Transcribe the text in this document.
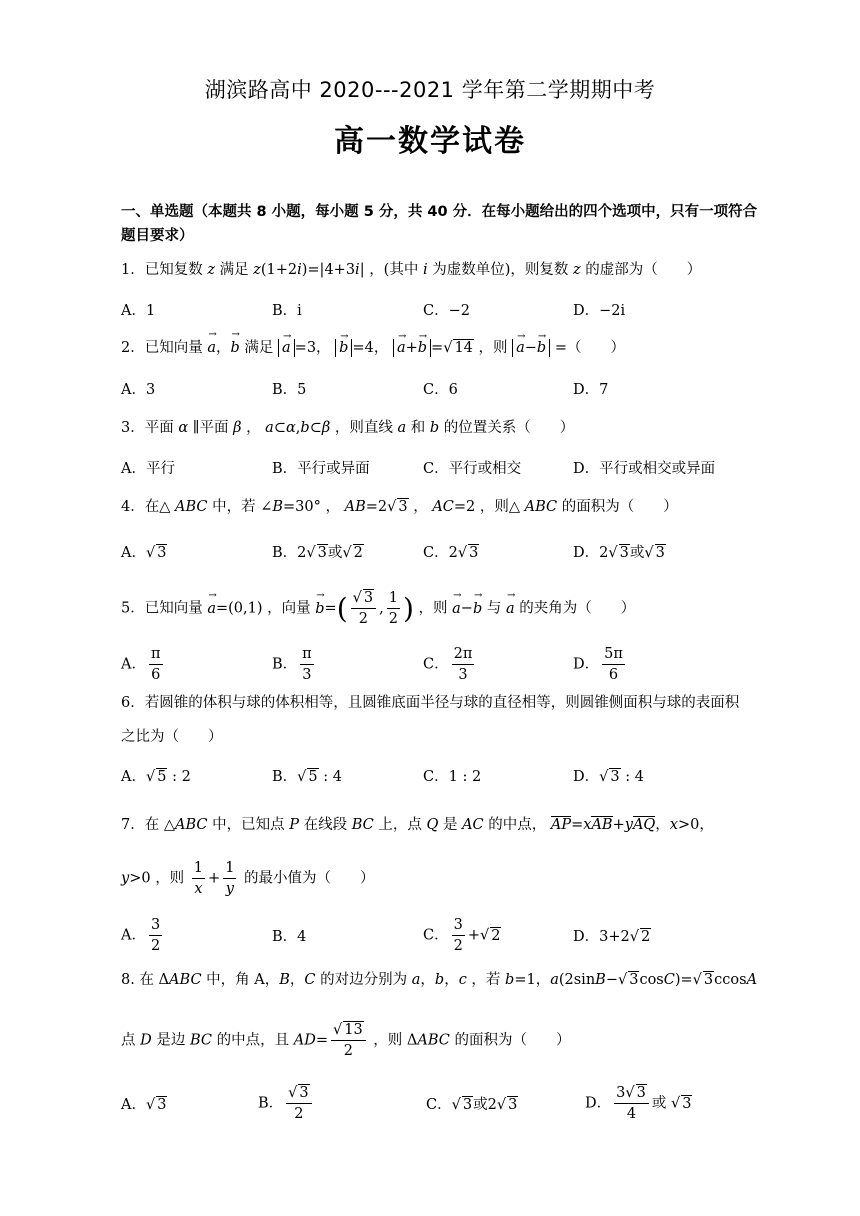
湖滨路高中 2020---2021 学年第二学期期中考
高一数学试卷
一、单选题（本题共 8 小题，每小题 5 分，共 40 分．在每小题给出的四个选项中，只有一项符合题目要求）
1．已知复数 z 满足 z(1+2i)=|4+3i| ，(其中 i 为虚数单位)，则复数 z 的虚部为（　　）
A．1	B．i	C．−2	D．−2i
2．已知向量 → a，→ b 满足 → a =3， → b =4， → a+→ b =√ 14 ，则 → a−→ b =（　　）
A．3	B．5	C．6	D．7
3．平面 α ∥平面 β ， a⊂α,b⊂β ，则直线 a 和 b 的位置关系（　　）
A．平行	B．平行或异面	C．平行或相交	D．平行或相交或异面
4．在△ ABC 中，若 ∠B=30° ， AB=2√ 3 ， AC=2 ，则△ ABC 的面积为（　　）
A．√ 3	B．2√ 3或√ 2	C．2√ 3	D．2√ 3或√ 3
5．已知向量 → a=(0,1) ，向量 → $b=( \frac{√ 3}{2}$ , $\frac{1}{2}$ ) ，则 → a−→ b 与 → a 的夹角为（　　）
A． $\frac{\pi}{6}$	B． $\frac{\pi}{3}$	C． $\frac{2\pi}{3}$	D． $\frac{5\pi}{6}$
6．若圆锥的体积与球的体积相等，且圆锥底面半径与球的直径相等，则圆锥侧面积与球的表面积之比为（　　）
A．√ 5 : 2	B．√ 5 : 4	C．1 : 2	D．√ 3 : 4
7．在 △ABC 中，已知点 P 在线段 BC 上，点 Q 是 AC 的中点， AP=xAB+yAQ，x>0，
y>0 ，则 $\frac{1}{x} + \frac{1}{y}$ 的最小值为（　　）
A． $\frac{3}{2}$	B．4	C． $\frac{3}{2}$ +√ 2	D．3+2√ 2
8. 在 ΔABC 中，角 A，B，C 的对边分别为 a，b，c ，若 b=1，a(2sinB−√ 3cosC)=√ 3ccosA
点 D 是边 BC 的中点，且 $AD= \frac{√ 13}{2}$ ，则 ΔABC 的面积为（　　）
A．√ 3	B． $\frac{√ 3}{2}$	C．√ 3或2√ 3	D． $\frac{3√ 3}{4}$ 或 √ 3
